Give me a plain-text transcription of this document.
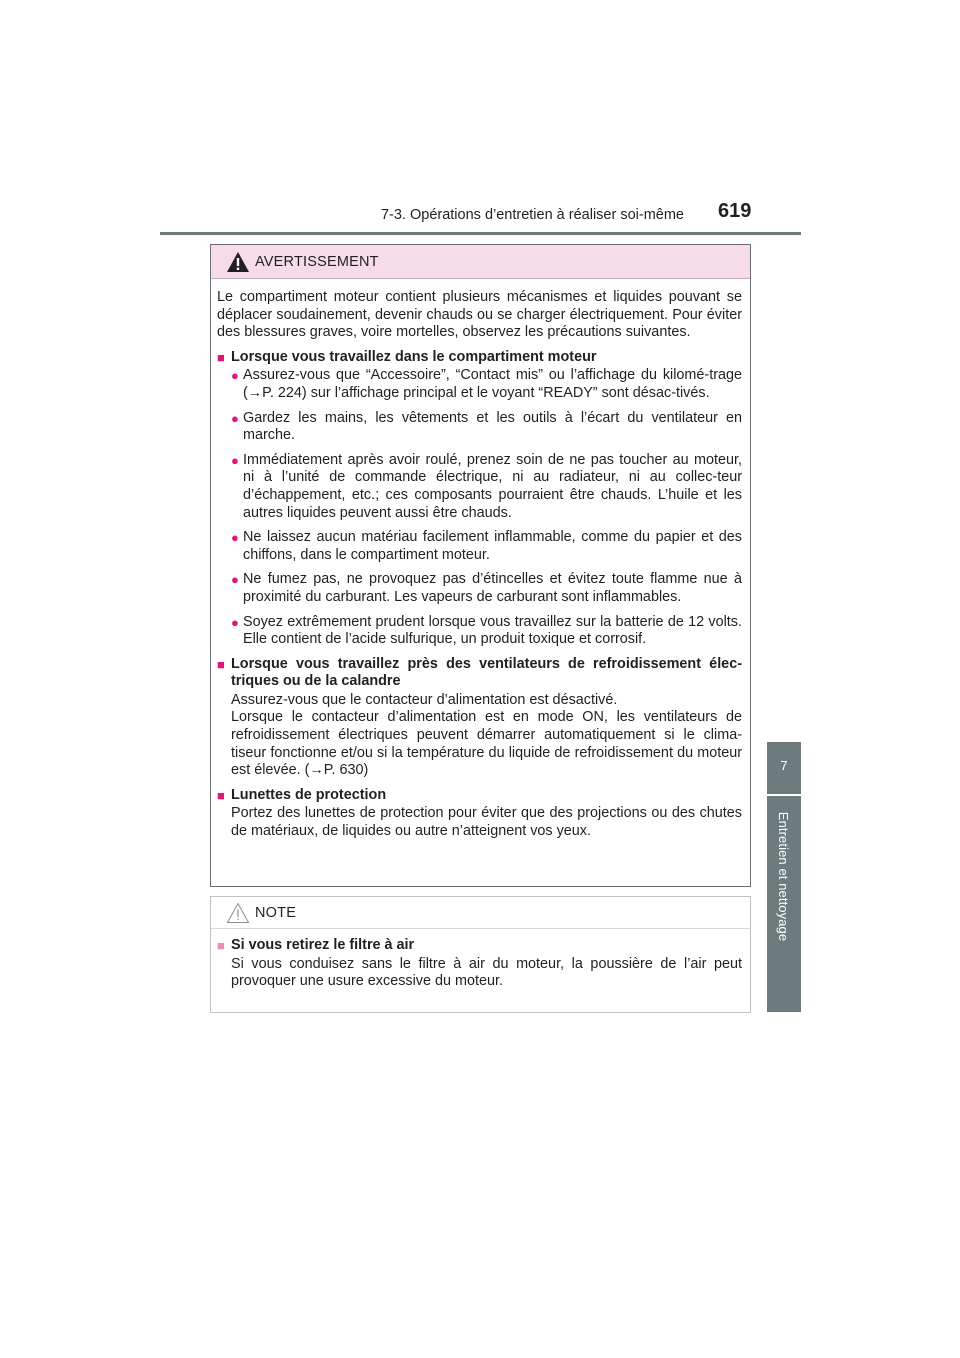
7-3. Opérations d’entretien à réaliser soi-même 619
7
Entretien et nettoyage
AVERTISSEMENT

Le compartiment moteur contient plusieurs mécanismes et liquides pouvant se déplacer soudainement, devenir chauds ou se charger électriquement. Pour éviter des blessures graves, voire mortelles, observez les précautions suivantes.

■ Lorsque vous travaillez dans le compartiment moteur
● Assurez-vous que “Accessoire”, “Contact mis” ou l’affichage du kilomé-trage (→P. 224) sur l’affichage principal et le voyant “READY” sont désac-tivés.
● Gardez les mains, les vêtements et les outils à l’écart du ventilateur en marche.
● Immédiatement après avoir roulé, prenez soin de ne pas toucher au moteur, ni à l’unité de commande électrique, ni au radiateur, ni au collec-teur d’échappement, etc.; ces composants pourraient être chauds. L’huile et les autres liquides peuvent aussi être chauds.
● Ne laissez aucun matériau facilement inflammable, comme du papier et des chiffons, dans le compartiment moteur.
● Ne fumez pas, ne provoquez pas d’étincelles et évitez toute flamme nue à proximité du carburant. Les vapeurs de carburant sont inflammables.
● Soyez extrêmement prudent lorsque vous travaillez sur la batterie de 12 volts. Elle contient de l’acide sulfurique, un produit toxique et corrosif.
■ Lorsque vous travaillez près des ventilateurs de refroidissement élec-triques ou de la calandre

Assurez-vous que le contacteur d’alimentation est désactivé.

Lorsque le contacteur d’alimentation est en mode ON, les ventilateurs de refroidissement électriques peuvent démarrer automatiquement si le clima-tiseur fonctionne et/ou si la température du liquide de refroidissement du moteur est élevée. (→P. 630)

■ Lunettes de protection

Portez des lunettes de protection pour éviter que des projections ou des chutes de matériaux, de liquides ou autre n’atteignent vos yeux.

NOTE
■ Si vous retirez le filtre à air

Si vous conduisez sans le filtre à air du moteur, la poussière de l’air peut provoquer une usure excessive du moteur.
